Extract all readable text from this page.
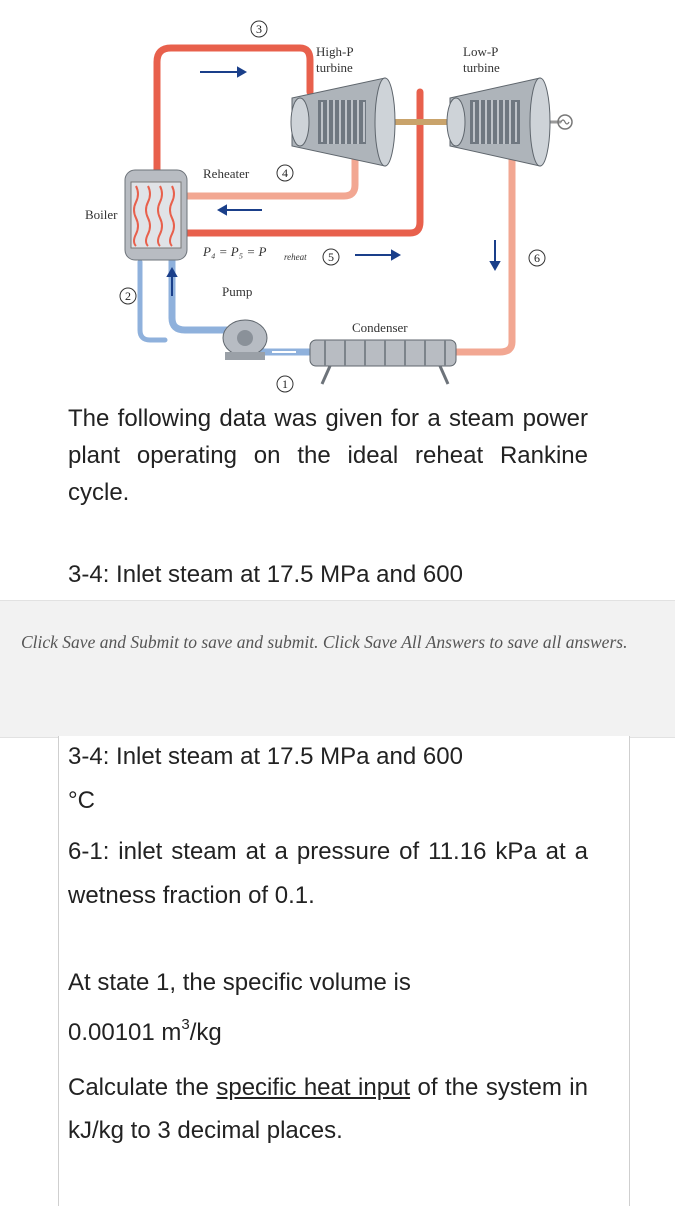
3
4
5	6
2
1
High-P
turbine
Low-P
turbine
Reheater
Boiler
P₄ = P₅ = P reheat
Pump
Condenser
The following data was given for a steam power plant operating on the ideal reheat Rankine cycle.
3-4: Inlet steam at 17.5 MPa and 600
Click Save and Submit to save and submit. Click Save All Answers to save all answers.
3-4: Inlet steam at 17.5 MPa and 600
°C
6-1: inlet steam at a pressure of 11.16 kPa at a wetness fraction of 0.1.
At state 1, the specific volume is
0.00101 $m^3/kg$
Calculate the specific heat input of the system in kJ/kg to 3 decimal places.
